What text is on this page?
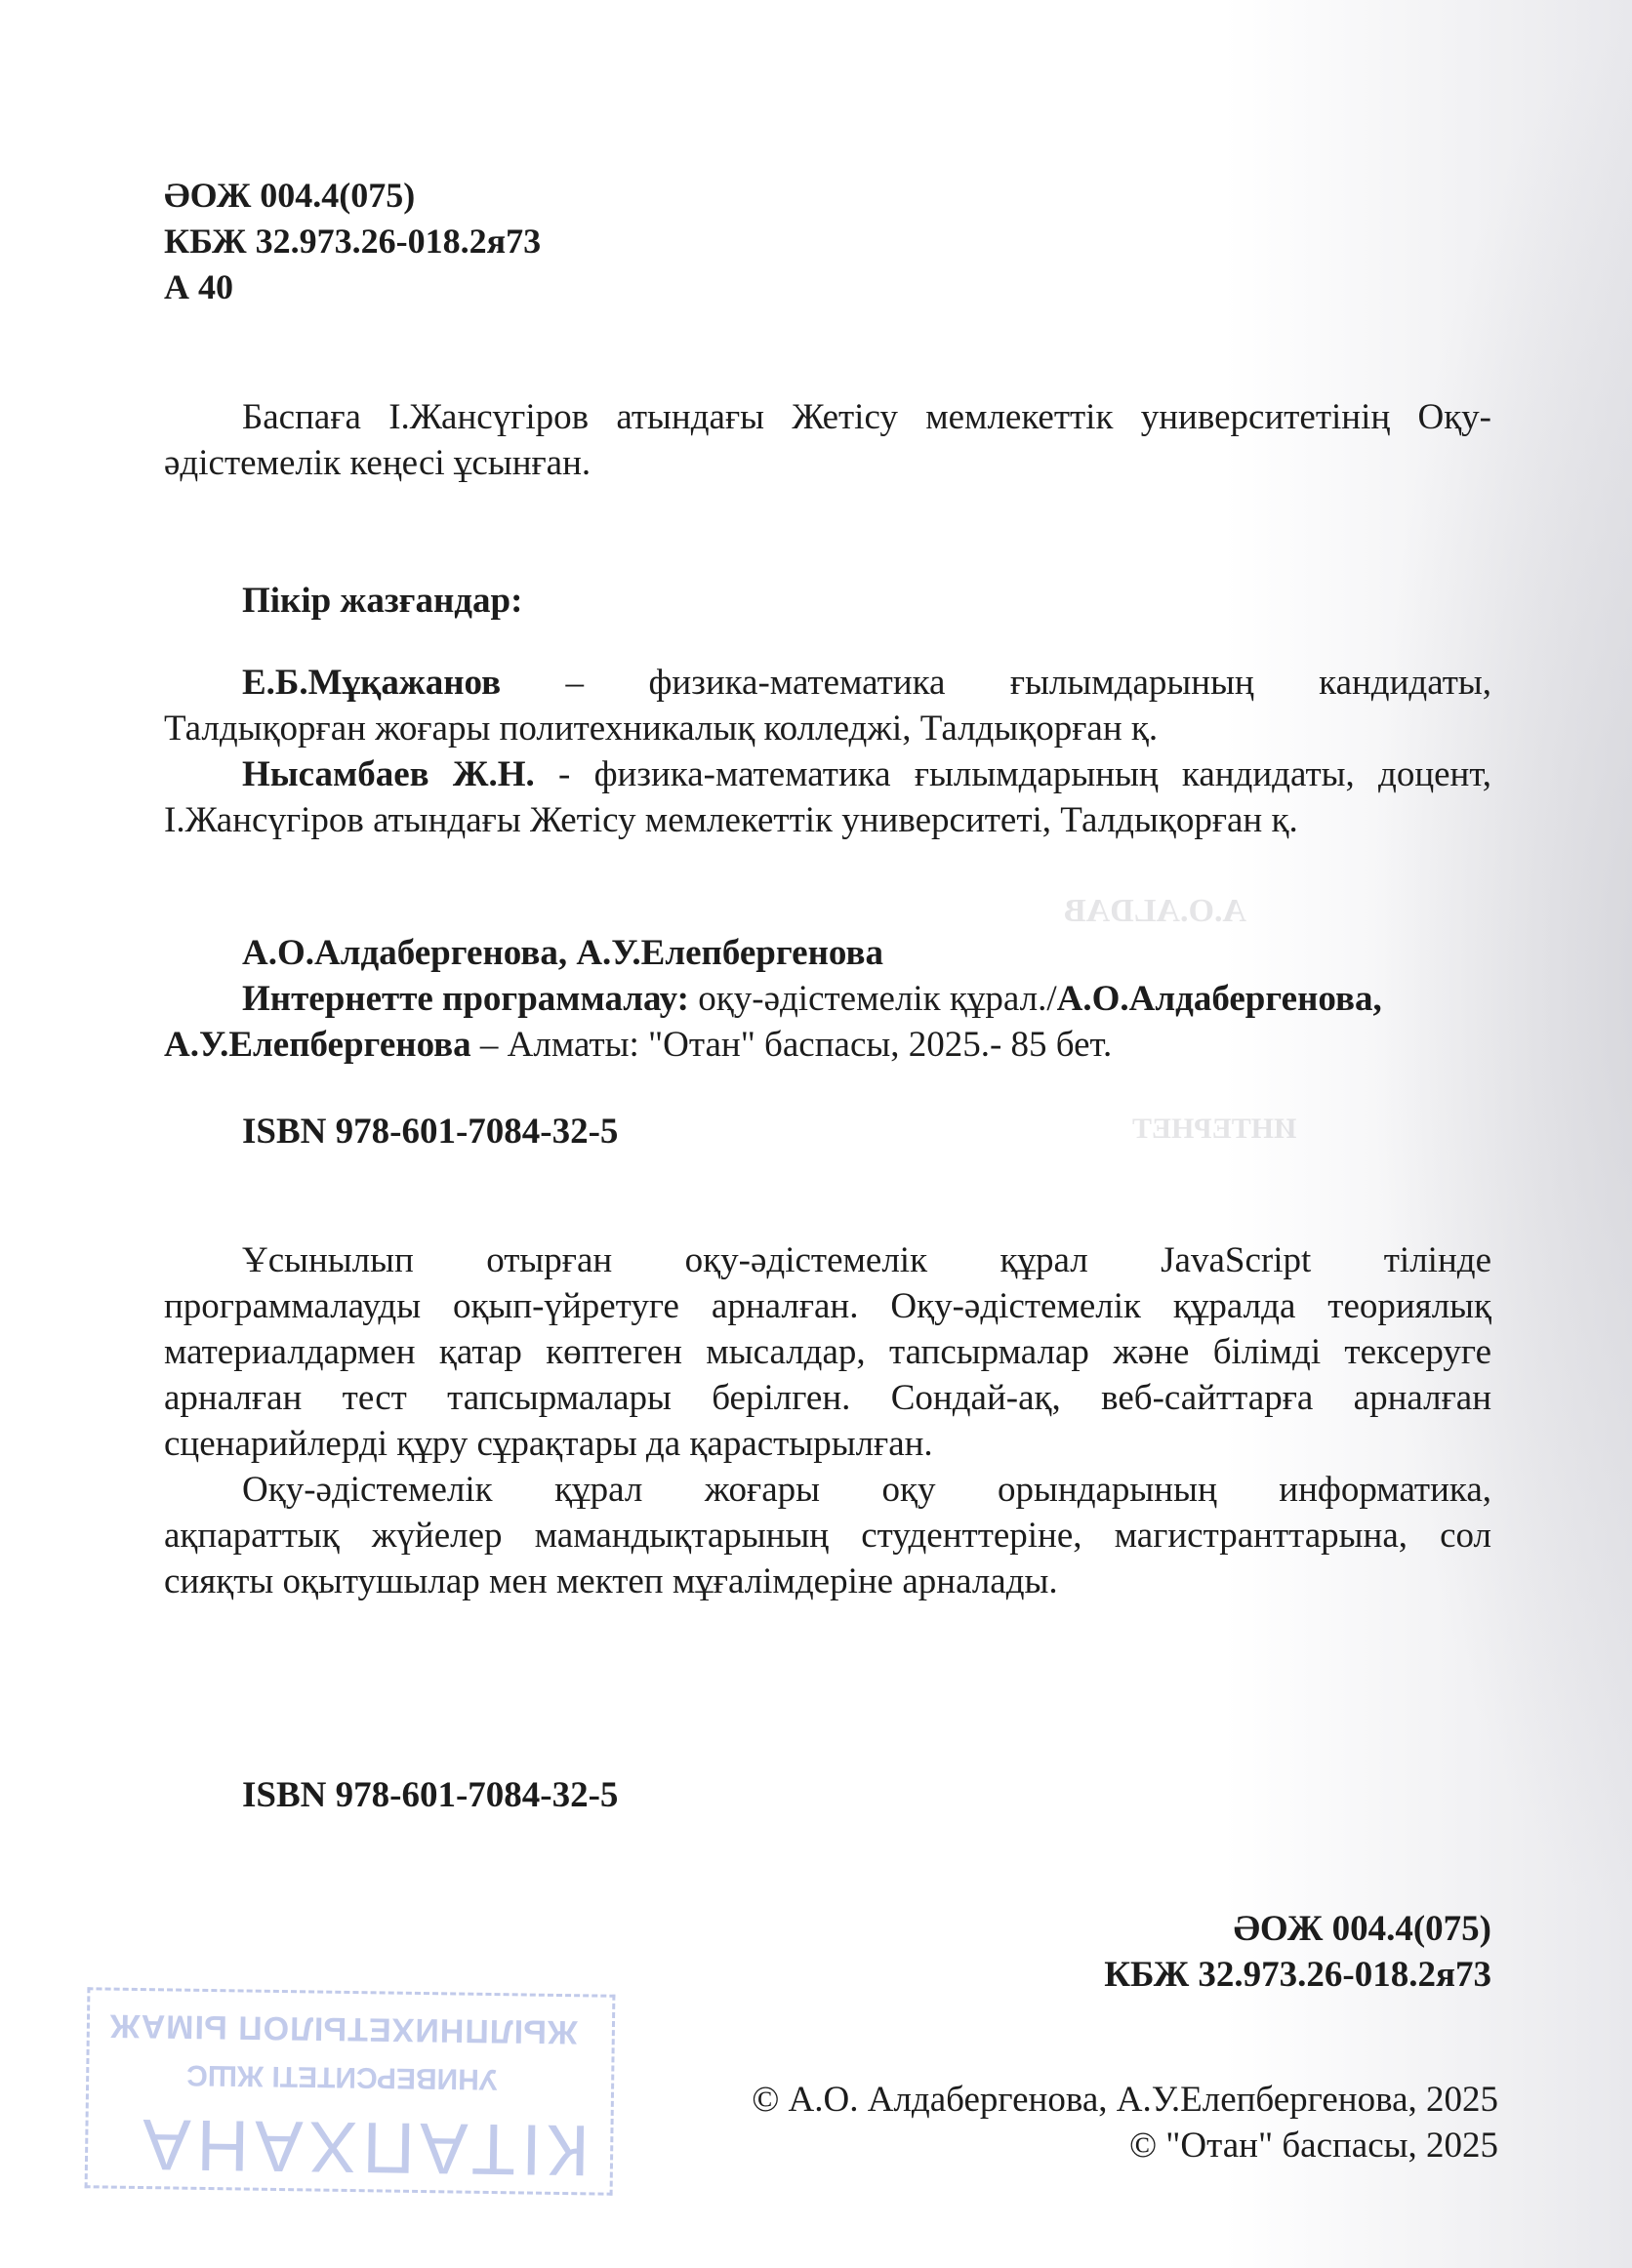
A.O.ALDAB
ИНТЕРНЕТ
ӘОЖ 004.4(075)
КБЖ 32.973.26-018.2я73
А 40
Баспаға І.Жансүгіров атындағы Жетісу мемлекеттік университетінің Оқу-
әдістемелік кеңесі ұсынған.
Пікір жазғандар:
Е.Б.Мұқажанов – физика-математика ғылымдарының кандидаты,
Талдықорған жоғары политехникалық колледжі, Талдықорған қ.
Нысамбаев Ж.Н. - физика-математика ғылымдарының кандидаты, доцент,
І.Жансүгіров атындағы Жетісу мемлекеттік университеті, Талдықорған қ.
А.О.Алдабергенова, А.У.Елепбергенова
Интернетте программалау: оқу-әдістемелік құрал./А.О.Алдабергенова,
А.У.Елепбергенова – Алматы: "Отан" баспасы, 2025.- 85 бет.
ISBN 978-601-7084-32-5
Ұсынылып отырған оқу-әдістемелік құрал JavaScript тілінде
программалауды оқып-үйретуге арналған. Оқу-әдістемелік құралда теориялық
материалдармен қатар көптеген мысалдар, тапсырмалар және білімді тексеруге
арналған тест тапсырмалары берілген. Сондай-ақ, веб-сайттарға арналған
сценарийлерді құру сұрақтары да қарастырылған.
Оқу-әдістемелік құрал жоғары оқу орындарының информатика,
ақпараттық жүйелер мамандықтарының студенттеріне, магистранттарына, сол
сияқты оқытушылар мен мектеп мұғалімдеріне арналады.
ISBN 978-601-7084-32-5
ӘОЖ 004.4(075)
КБЖ 32.973.26-018.2я73
© А.О. Алдабергенова, А.У.Елепбергенова, 2025
© "Отан" баспасы, 2025
ЖЫЛПНИХЕТЫЛОП ЫМАЖ
УНИВЕРСИТЕТІ ЖШС
КІТАПХАНА
